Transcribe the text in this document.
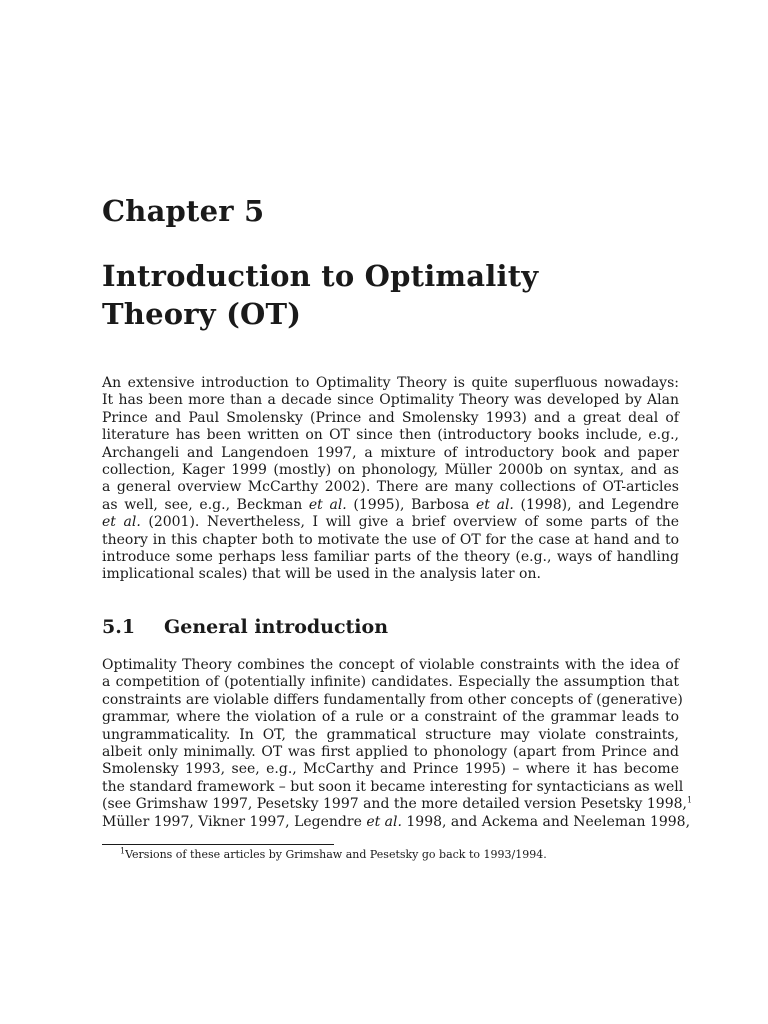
Chapter 5
Introduction to Optimality
Theory (OT)
An extensive introduction to Optimality Theory is quite superfluous nowadays:
It has been more than a decade since Optimality Theory was developed by Alan
Prince and Paul Smolensky (Prince and Smolensky 1993) and a great deal of
literature has been written on OT since then (introductory books include, e.g.,
Archangeli and Langendoen 1997, a mixture of introductory book and paper
collection, Kager 1999 (mostly) on phonology, Müller 2000b on syntax, and as
a general overview McCarthy 2002). There are many collections of OT-articles
as well, see, e.g., Beckman et al. (1995), Barbosa et al. (1998), and Legendre
et al. (2001). Nevertheless, I will give a brief overview of some parts of the
theory in this chapter both to motivate the use of OT for the case at hand and to
introduce some perhaps less familiar parts of the theory (e.g., ways of handling
implicational scales) that will be used in the analysis later on.
5.1 General introduction
Optimality Theory combines the concept of violable constraints with the idea of
a competition of (potentially infinite) candidates. Especially the assumption that
constraints are violable differs fundamentally from other concepts of (generative)
grammar, where the violation of a rule or a constraint of the grammar leads to
ungrammaticality. In OT, the grammatical structure may violate constraints,
albeit only minimally. OT was first applied to phonology (apart from Prince and
Smolensky 1993, see, e.g., McCarthy and Prince 1995) – where it has become
the standard framework – but soon it became interesting for syntacticians as well
(see Grimshaw 1997, Pesetsky 1997 and the more detailed version Pesetsky 1998,$^1$
Müller 1997, Vikner 1997, Legendre et al. 1998, and Ackema and Neeleman 1998,
$^1$Versions of these articles by Grimshaw and Pesetsky go back to 1993/1994.
